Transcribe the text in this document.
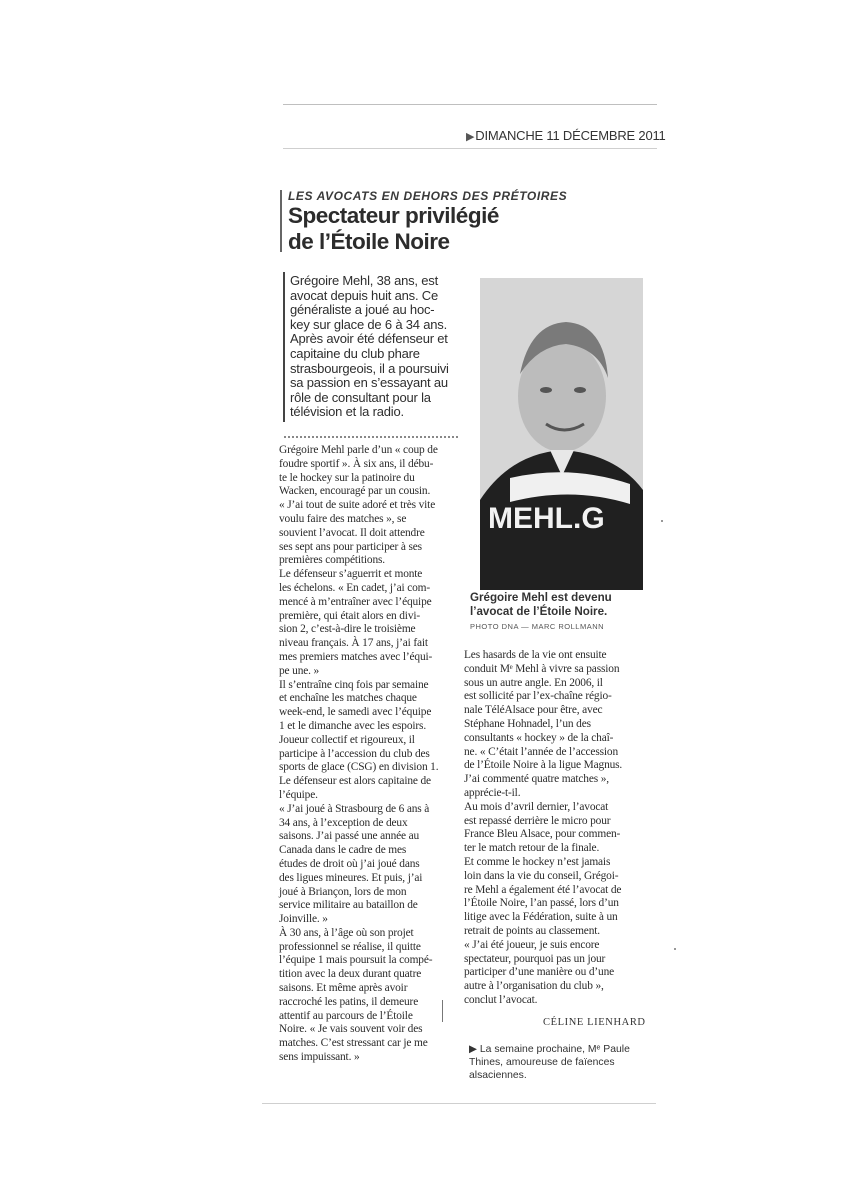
▶DIMANCHE 11 DÉCEMBRE 2011
LES AVOCATS EN DEHORS DES PRÉTOIRES
Spectateur privilégié
de l’Étoile Noire
Grégoire Mehl, 38 ans, est
avocat depuis huit ans. Ce
généraliste a joué au hoc-
key sur glace de 6 à 34 ans.
Après avoir été défenseur et
capitaine du club phare
strasbourgeois, il a poursuivi
sa passion en s’essayant au
rôle de consultant pour la
télévision et la radio.
MEHL.G
Grégoire Mehl est devenu
l’avocat de l’Étoile Noire.
PHOTO DNA — MARC ROLLMANN
Grégoire Mehl parle d’un « coup de
foudre sportif ». À six ans, il débu-
te le hockey sur la patinoire du
Wacken, encouragé par un cousin.
« J’ai tout de suite adoré et très vite
voulu faire des matches », se
souvient l’avocat. Il doit attendre
ses sept ans pour participer à ses
premières compétitions.
Le défenseur s’aguerrit et monte
les échelons. « En cadet, j’ai com-
mencé à m’entraîner avec l’équipe
première, qui était alors en divi-
sion 2, c’est-à-dire le troisième
niveau français. À 17 ans, j’ai fait
mes premiers matches avec l’équi-
pe une. »
Il s’entraîne cinq fois par semaine
et enchaîne les matches chaque
week-end, le samedi avec l’équipe
1 et le dimanche avec les espoirs.
Joueur collectif et rigoureux, il
participe à l’accession du club des
sports de glace (CSG) en division 1.
Le défenseur est alors capitaine de
l’équipe.
« J’ai joué à Strasbourg de 6 ans à
34 ans, à l’exception de deux
saisons. J’ai passé une année au
Canada dans le cadre de mes
études de droit où j’ai joué dans
des ligues mineures. Et puis, j’ai
joué à Briançon, lors de mon
service militaire au bataillon de
Joinville. »
À 30 ans, à l’âge où son projet
professionnel se réalise, il quitte
l’équipe 1 mais poursuit la compé-
tition avec la deux durant quatre
saisons. Et même après avoir
raccroché les patins, il demeure
attentif au parcours de l’Étoile
Noire. « Je vais souvent voir des
matches. C’est stressant car je me
sens impuissant. »
Les hasards de la vie ont ensuite
conduit Mᵉ Mehl à vivre sa passion
sous un autre angle. En 2006, il
est sollicité par l’ex-chaîne régio-
nale TéléAlsace pour être, avec
Stéphane Hohnadel, l’un des
consultants « hockey » de la chaî-
ne. « C’était l’année de l’accession
de l’Étoile Noire à la ligue Magnus.
J’ai commenté quatre matches »,
apprécie-t-il.
Au mois d’avril dernier, l’avocat
est repassé derrière le micro pour
France Bleu Alsace, pour commen-
ter le match retour de la finale.
Et comme le hockey n’est jamais
loin dans la vie du conseil, Grégoi-
re Mehl a également été l’avocat de
l’Étoile Noire, l’an passé, lors d’un
litige avec la Fédération, suite à un
retrait de points au classement.
« J’ai été joueur, je suis encore
spectateur, pourquoi pas un jour
participer d’une manière ou d’une
autre à l’organisation du club »,
conclut l’avocat.
CÉLINE LIENHARD
▶ La semaine prochaine, Mᵉ Paule
Thines, amoureuse de faïences
alsaciennes.
